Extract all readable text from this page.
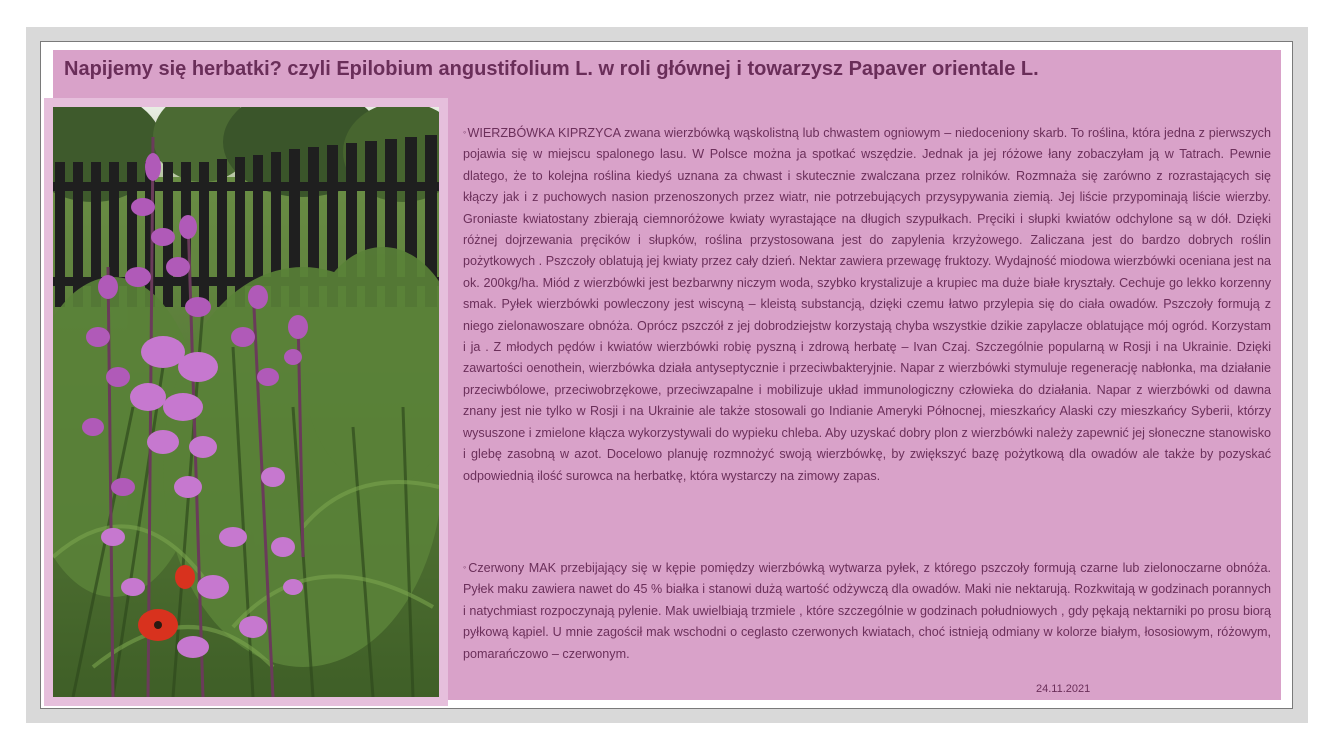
Napijemy się herbatki? czyli Epilobium angustifolium L. w roli głównej i towarzysz Papaver orientale L.

◦WIERZBÓWKA KIPRZYCA zwana wierzbówką wąskolistną lub chwastem ogniowym – niedoceniony skarb. To roślina, która jedna z pierwszych pojawia się w miejscu spalonego lasu. W Polsce można ja spotkać wszędzie. Jednak ja jej różowe łany zobaczyłam ją w Tatrach. Pewnie dlatego, że to kolejna roślina kiedyś uznana za chwast i skutecznie zwalczana przez rolników. Rozmnaża się zarówno z rozrastających się kłączy jak i z puchowych nasion przenoszonych przez wiatr, nie potrzebujących przysypywania ziemią. Jej liście przypominają liście wierzby. Groniaste kwiatostany zbierają ciemnoróżowe kwiaty wyrastające na długich szypułkach. Pręciki i słupki kwiatów odchylone są w dół. Dzięki różnej dojrzewania pręcików i słupków, roślina przystosowana jest do zapylenia krzyżowego. Zaliczana jest do bardzo dobrych roślin pożytkowych . Pszczoły oblatują jej kwiaty przez cały dzień. Nektar zawiera przewagę fruktozy. Wydajność miodowa wierzbówki oceniana jest na ok. 200kg/ha. Miód z wierzbówki jest bezbarwny niczym woda, szybko krystalizuje a krupiec ma duże białe kryształy. Cechuje go lekko korzenny smak. Pyłek wierzbówki powleczony jest wiscyną – kleistą substancją, dzięki czemu łatwo przylepia się do ciała owadów. Pszczoły formują z niego zielonawoszare obnóża. Oprócz pszczół z jej dobrodziejstw korzystają chyba wszystkie dzikie zapylacze oblatujące mój ogród. Korzystam i ja . Z młodych pędów i kwiatów wierzbówki robię pyszną i zdrową herbatę – Ivan Czaj. Szczególnie popularną w Rosji i na Ukrainie. Dzięki zawartości oenothein, wierzbówka działa antyseptycznie i przeciwbakteryjnie. Napar z wierzbówki stymuluje regenerację nabłonka, ma działanie przeciwbólowe, przeciwobrzękowe, przeciwzapalne i mobilizuje układ immunologiczny człowieka do działania. Napar z wierzbówki od dawna znany jest nie tylko w Rosji i na Ukrainie ale także stosowali go Indianie Ameryki Północnej, mieszkańcy Alaski czy mieszkańcy Syberii, którzy wysuszone i zmielone kłącza wykorzystywali do wypieku chleba. Aby uzyskać dobry plon z wierzbówki należy zapewnić jej słoneczne stanowisko i glebę zasobną w azot. Docelowo planuję rozmnożyć swoją wierzbówkę, by zwiększyć bazę pożytkową dla owadów ale także by pozyskać odpowiednią ilość surowca na herbatkę, która wystarczy na zimowy zapas.

◦Czerwony MAK przebijający się w kępie pomiędzy wierzbówką wytwarza pyłek, z którego pszczoły formują czarne lub zielonoczarne obnóża. Pyłek maku zawiera nawet do 45 % białka i stanowi dużą wartość odżywczą dla owadów. Maki nie nektarują. Rozkwitają w godzinach porannych i natychmiast rozpoczynają pylenie. Mak uwielbiają trzmiele , które szczególnie w godzinach południowych , gdy pękają nektarniki po prosu biorą pyłkową kąpiel. U mnie zagościł mak wschodni o ceglasto czerwonych kwiatach, choć istnieją odmiany w kolorze białym, łososiowym, różowym, pomarańczowo – czerwonym.

24.11.2021
